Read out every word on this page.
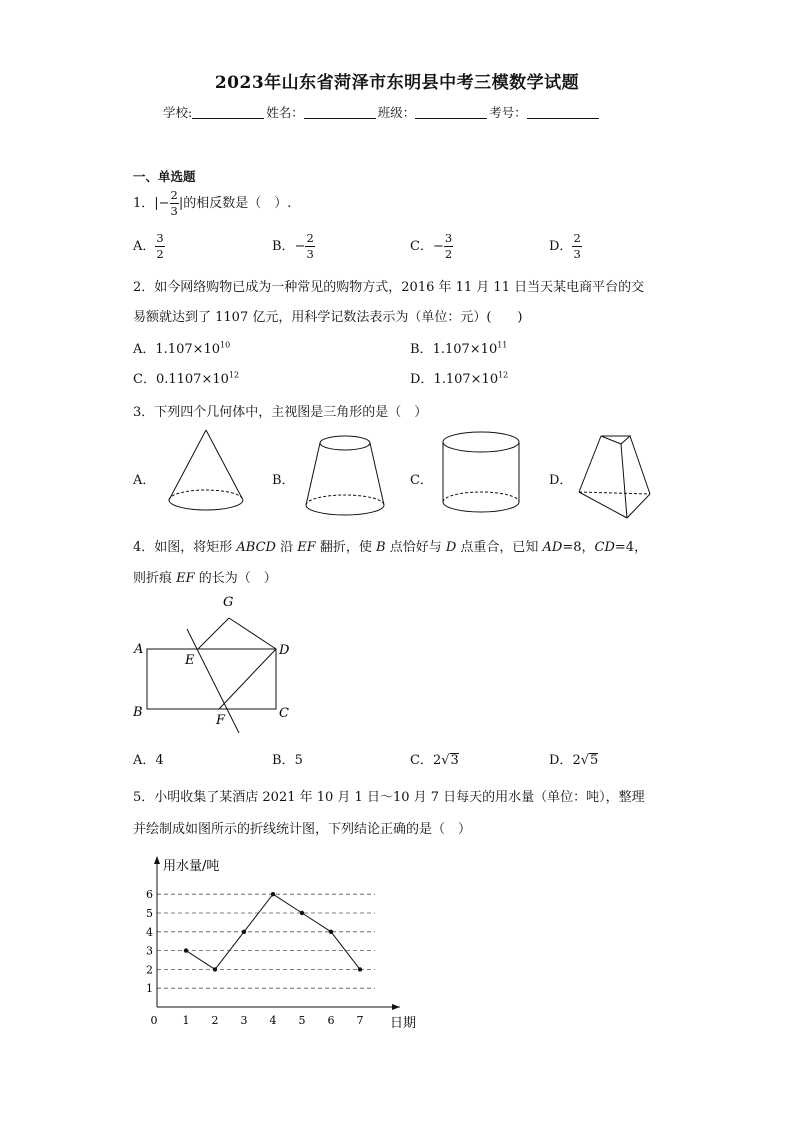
2023年山东省菏泽市东明县中考三模数学试题
学校:	姓名：	班级：	考号：
一、单选题
1．|− $\frac{2}{3}$ |的相反数是（　）.
A． $\frac{3}{2}$	B．− $\frac{2}{3}$	C．− $\frac{3}{2}$	D． $\frac{2}{3}$
2．如今网络购物已成为一种常见的购物方式，2016 年 11 月 11 日当天某电商平台的交
易额就达到了 1107 亿元，用科学记数法表示为（单位：元）(　　)
A．$1.107\times 10^{10}$	B．$1.107\times 10^{11}$
C．$0.1107\times 10^{12}$	D．$1.107\times 10^{12}$
3．下列四个几何体中，主视图是三角形的是（　）
A．	B．	C．	D．
4．如图，将矩形 ABCD 沿 EF 翻折，使 B 点恰好与 D 点重合，已知 AD=8，CD=4，
则折痕 EF 的长为（　）
A
B	C
D
E
F
G
A．4	B．5	C．2√3	D．2√5
5．小明收集了某酒店 2021 年 10 月 1 日～10 月 7 日每天的用水量（单位：吨），整理
并绘制成如图所示的折线统计图，下列结论正确的是（　）
1
2
3
4
5
6
用水量/吨
日期
0 1 2 3 4 5 6 7
